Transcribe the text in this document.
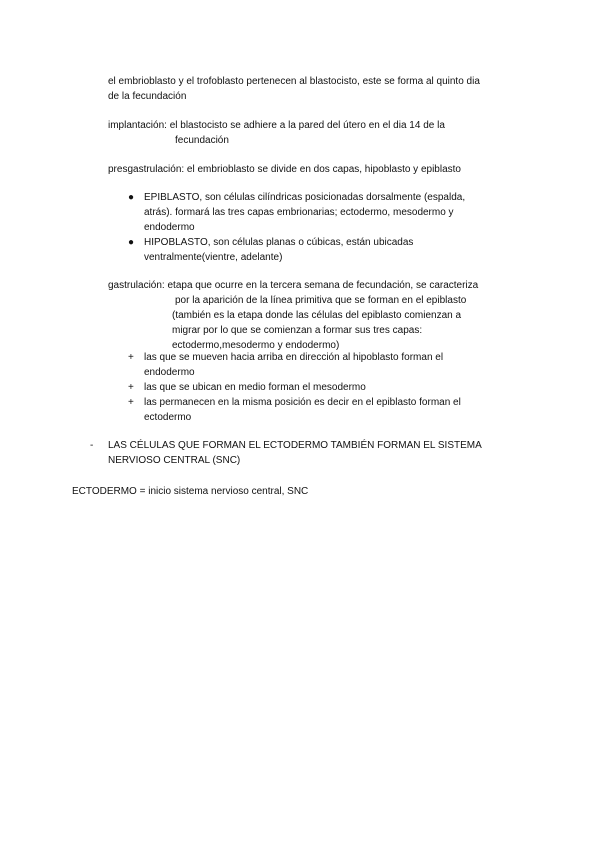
el embrioblasto y el trofoblasto pertenecen al blastocisto, este se forma al quinto dia
de la fecundación
implantación: el blastocisto se adhiere a la pared del útero en el dia 14 de la
fecundación
presgastrulación: el embrioblasto se divide en dos capas, hipoblasto y epiblasto
● EPIBLASTO, son células cilíndricas posicionadas dorsalmente (espalda,
atrás). formará las tres capas embrionarias; ectodermo, mesodermo y
endodermo
● HIPOBLASTO, son células planas o cúbicas, están ubicadas
ventralmente(vientre, adelante)
gastrulación: etapa que ocurre en la tercera semana de fecundación, se caracteriza
por la aparición de la línea primitiva que se forman en el epiblasto
(también es la etapa donde las células del epiblasto comienzan a
migrar por lo que se comienzan a formar sus tres capas:
ectodermo,mesodermo y endodermo)
+	las que se mueven hacia arriba en dirección al hipoblasto forman el
endodermo
+	las que se ubican en medio forman el mesodermo
+	las permanecen en la misma posición es decir en el epiblasto forman el
ectodermo
-	LAS CÉLULAS QUE FORMAN EL ECTODERMO TAMBIÉN FORMAN EL SISTEMA
NERVIOSO CENTRAL (SNC)
ECTODERMO = inicio sistema nervioso central, SNC
